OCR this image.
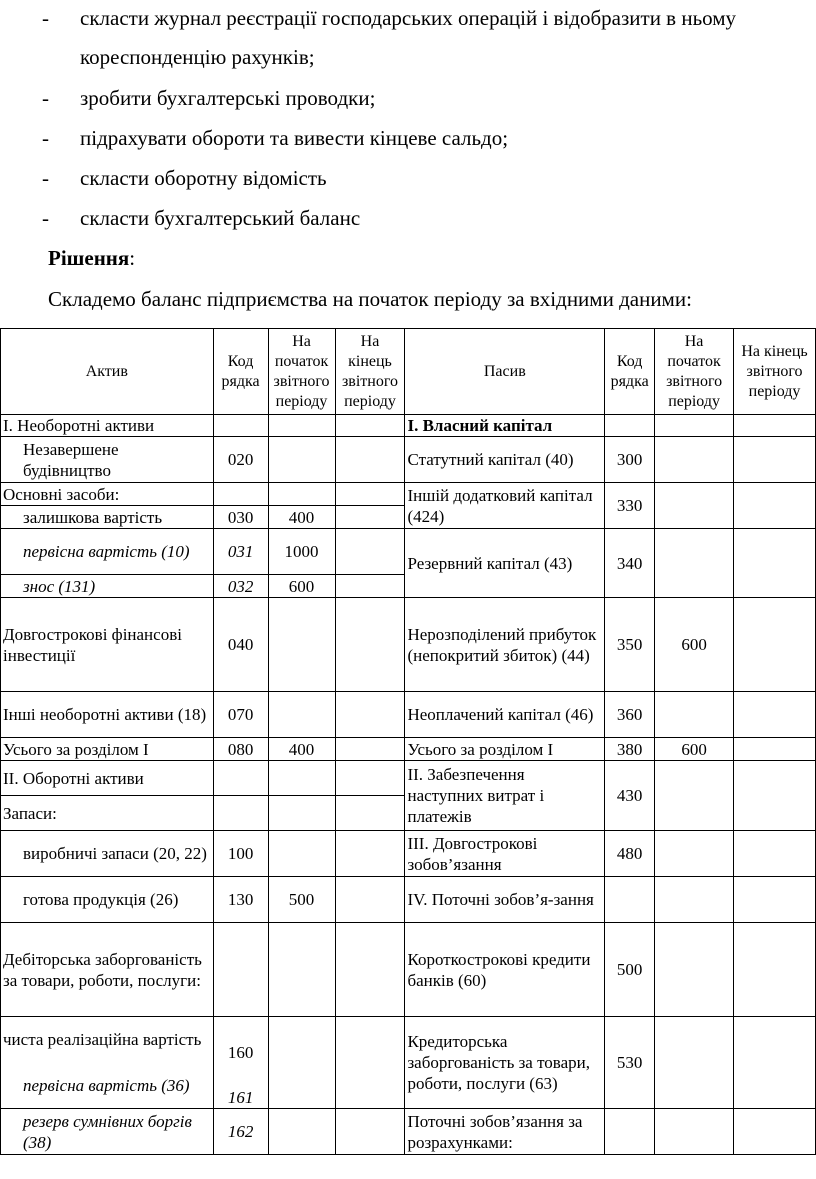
- скласти журнал реєстрації господарських операцій і відобразити в ньому
кореспонденцію рахунків;
- зробити бухгалтерські проводки;
- підрахувати обороти та вивести кінцеве сальдо;
- скласти оборотну відомість
- скласти бухгалтерський баланс
Рішення:
Складемо баланс підприємства на початок періоду за вхідними даними:
Актив	Код рядка	На початок звітного періоду	На кінець звітного періоду	Пасив	Код рядка	На початок звітного періоду	На кінець звітного періоду
I. Необоротні активи				I. Власний капітал			
Незавершене будівництво	020			Статутний капітал (40)	300		
Основні засоби:				Іншій додатковий капітал (424)	330		
залишкова вартість	030	400					
первісна вартість (10)	031	1000		Резервний капітал (43)	340		
знос (131)	032	600					
Довгострокові фінансові інвестиції	040			Нерозподілений прибуток (непокритий збиток) (44)	350	600	
Інші необоротні активи (18)	070			Неоплачений капітал (46)	360		
Усього за розділом I	080	400		Усього за розділом I	380	600	
II. Оборотні активи				II. Забезпечення наступних витрат і платежів	430		
Запаси:							
виробничі запаси (20, 22)	100			III. Довгострокові зобов’язання	480		
готова продукція (26)	130	500		IV. Поточні зобов’я-зання			
Дебіторська заборгованість за товари, роботи, послуги:				Короткострокові кредити банків (60)	500		
чиста реалізаційна вартість	160			Кредиторська заборгованість за товари, роботи, послуги (63)	530		
первісна вартість (36)	161						
резерв сумнівних боргів (38)	162			Поточні зобов’язання за розрахунками:			
